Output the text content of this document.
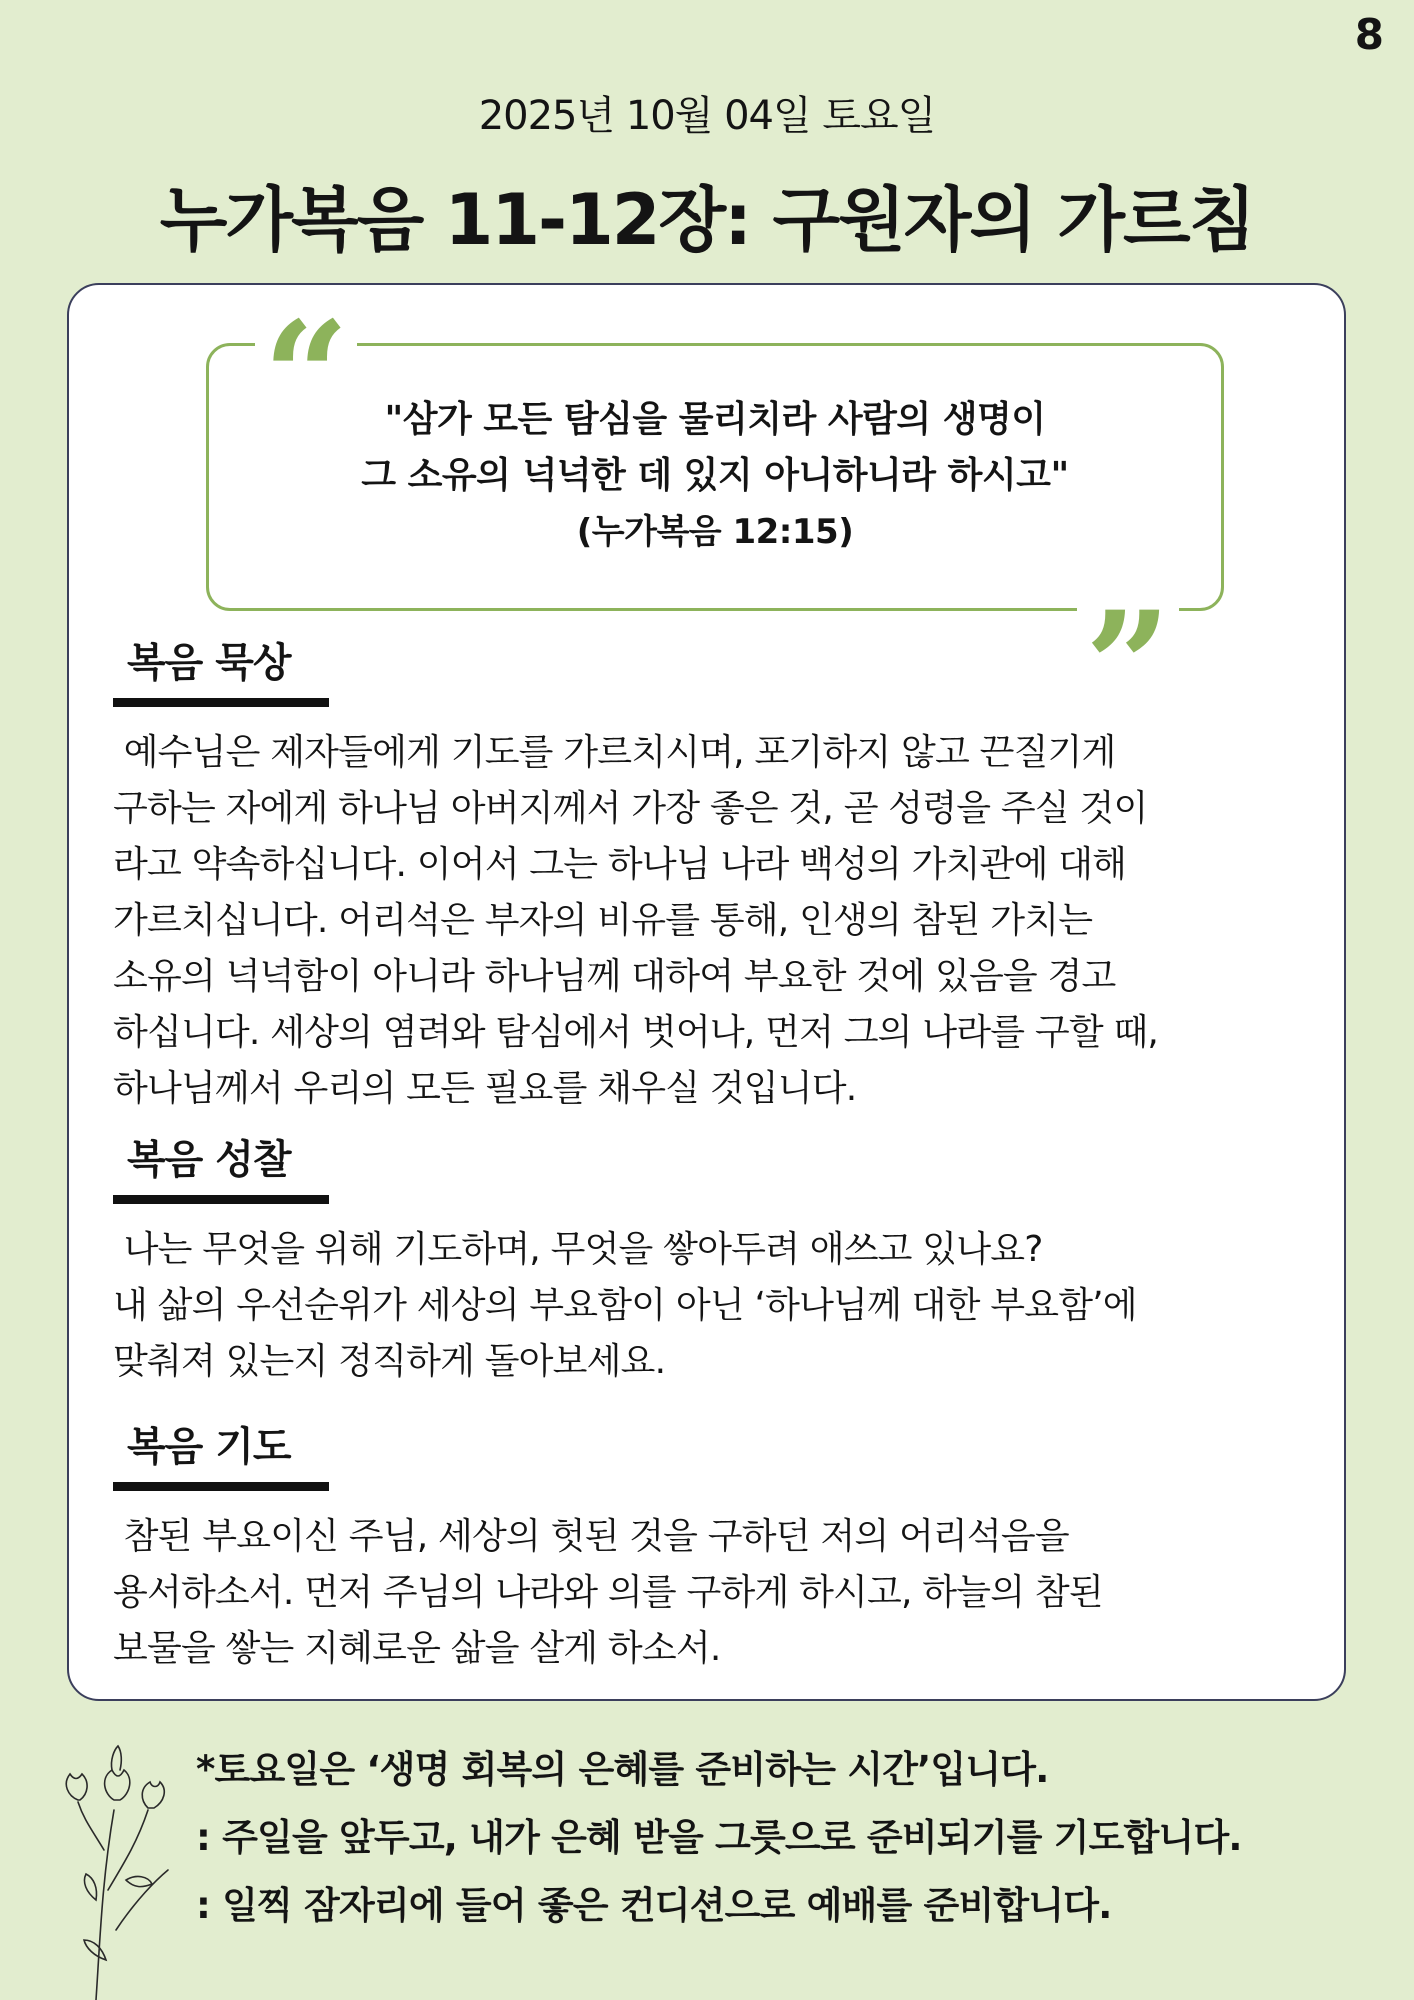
8
2025년 10월 04일 토요일
누가복음 11-12장: 구원자의 가르침
“ "삼가 모든 탐심을 물리치라 사람의 생명이
그 소유의 넉넉한 데 있지 아니하니라 하시고"
(누가복음 12:15)
”
복음 묵상

예수님은 제자들에게 기도를 가르치시며, 포기하지 않고 끈질기게

구하는 자에게 하나님 아버지께서 가장 좋은 것, 곧 성령을 주실 것이

라고 약속하십니다. 이어서 그는 하나님 나라 백성의 가치관에 대해

가르치십니다. 어리석은 부자의 비유를 통해, 인생의 참된 가치는

소유의 넉넉함이 아니라 하나님께 대하여 부요한 것에 있음을 경고

하십니다. 세상의 염려와 탐심에서 벗어나, 먼저 그의 나라를 구할 때,

하나님께서 우리의 모든 필요를 채우실 것입니다.

복음 성찰

나는 무엇을 위해 기도하며, 무엇을 쌓아두려 애쓰고 있나요?

내 삶의 우선순위가 세상의 부요함이 아닌 ‘하나님께 대한 부요함’에

맞춰져 있는지 정직하게 돌아보세요.

복음 기도

참된 부요이신 주님, 세상의 헛된 것을 구하던 저의 어리석음을

용서하소서. 먼저 주님의 나라와 의를 구하게 하시고, 하늘의 참된

보물을 쌓는 지혜로운 삶을 살게 하소서.

*토요일은 ‘생명 회복의 은혜를 준비하는 시간’입니다.

: 주일을 앞두고, 내가 은혜 받을 그릇으로 준비되기를 기도합니다.

: 일찍 잠자리에 들어 좋은 컨디션으로 예배를 준비합니다.
